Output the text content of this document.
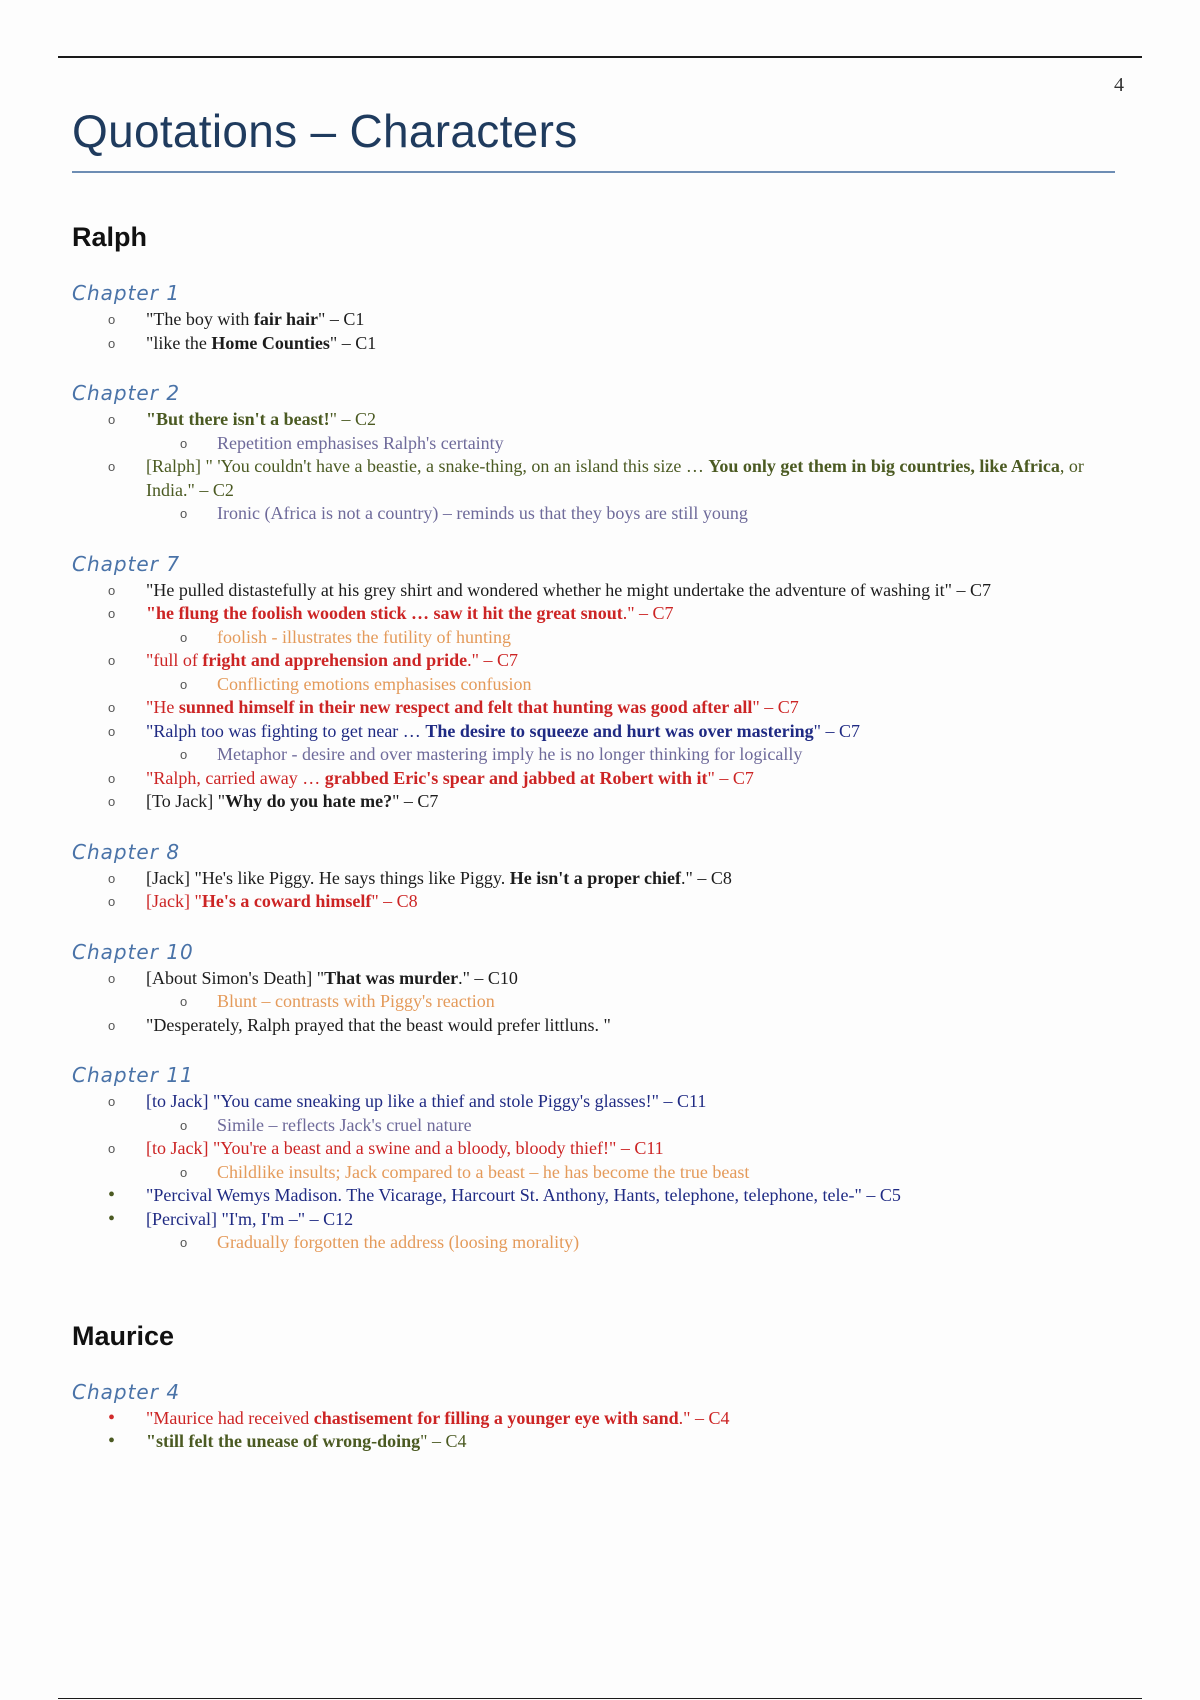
4
Quotations – Characters
Ralph
Chapter 1
o "The boy with fair hair" – C1
o "like the Home Counties" – C1
Chapter 2
o "But there isn't a beast!" – C2
o Repetition emphasises Ralph's certainty
o [Ralph] " 'You couldn't have a beastie, a snake-thing, on an island this size … You only get them in big countries, like Africa, or India." – C2
o Ironic (Africa is not a country) – reminds us that they boys are still young
Chapter 7
o "He pulled distastefully at his grey shirt and wondered whether he might undertake the adventure of washing it" – C7
o "he flung the foolish wooden stick … saw it hit the great snout." – C7
o foolish - illustrates the futility of hunting
o "full of fright and apprehension and pride." – C7
o Conflicting emotions emphasises confusion
o "He sunned himself in their new respect and felt that hunting was good after all" – C7
o "Ralph too was fighting to get near … The desire to squeeze and hurt was over mastering" – C7
o Metaphor - desire and over mastering imply he is no longer thinking for logically
o "Ralph, carried away … grabbed Eric's spear and jabbed at Robert with it" – C7
o [To Jack] "Why do you hate me?" – C7
Chapter 8
o [Jack] "He's like Piggy. He says things like Piggy. He isn't a proper chief." – C8
o [Jack] "He's a coward himself" – C8
Chapter 10
o [About Simon's Death] "That was murder." – C10
o Blunt – contrasts with Piggy's reaction
o "Desperately, Ralph prayed that the beast would prefer littluns. "
Chapter 11
o [to Jack] "You came sneaking up like a thief and stole Piggy's glasses!" – C11
o Simile – reflects Jack's cruel nature
o [to Jack] "You're a beast and a swine and a bloody, bloody thief!" – C11
o Childlike insults; Jack compared to a beast – he has become the true beast
• "Percival Wemys Madison. The Vicarage, Harcourt St. Anthony, Hants, telephone, telephone, tele-" – C5
• [Percival] "I'm, I'm –" – C12
o Gradually forgotten the address (loosing morality)
Maurice
Chapter 4
• "Maurice had received chastisement for filling a younger eye with sand." – C4
• "still felt the unease of wrong-doing" – C4
